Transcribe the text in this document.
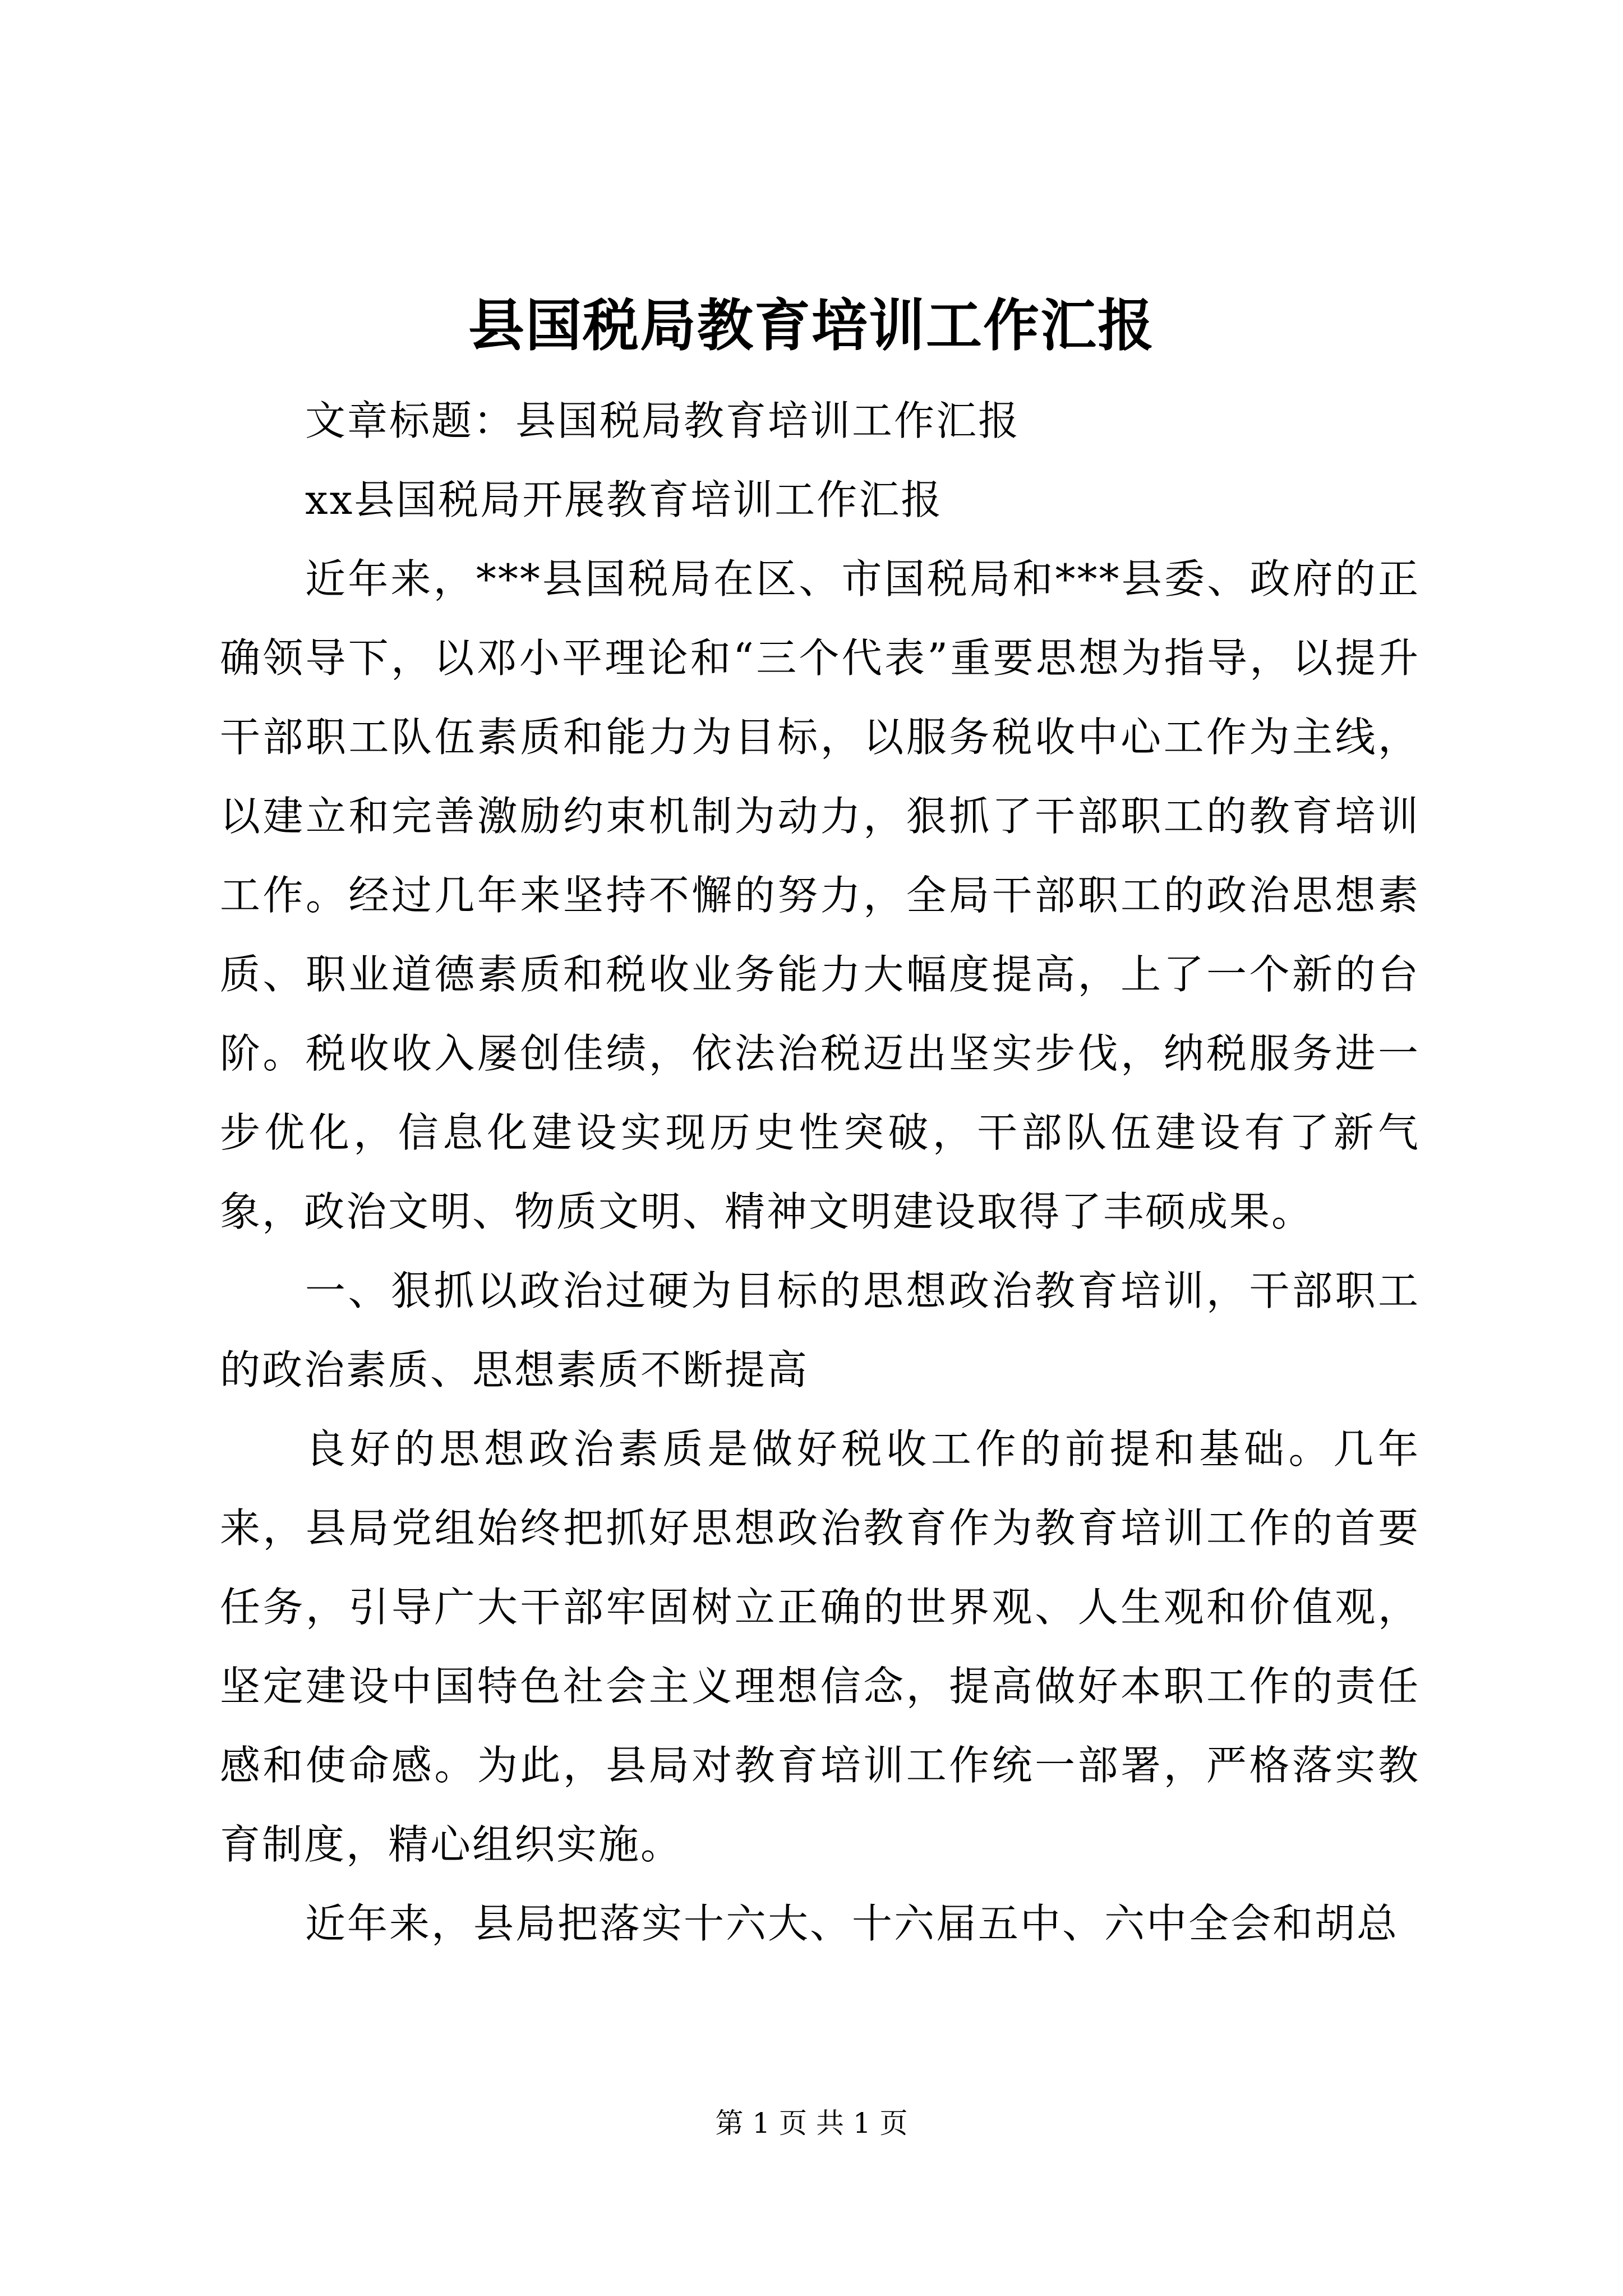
县国税局教育培训工作汇报

文章标题：县国税局教育培训工作汇报

xx县国税局开展教育培训工作汇报

近年来，***县国税局在区、市国税局和***县委、政府的正确领导下，以邓小平理论和“三个代表”重要思想为指导，以提升干部职工队伍素质和能力为目标，以服务税收中心工作为主线，以建立和完善激励约束机制为动力，狠抓了干部职工的教育培训工作。经过几年来坚持不懈的努力，全局干部职工的政治思想素质、职业道德素质和税收业务能力大幅度提高，上了一个新的台阶。税收收入屡创佳绩，依法治税迈出坚实步伐，纳税服务进一步优化，信息化建设实现历史性突破，干部队伍建设有了新气象，政治文明、物质文明、精神文明建设取得了丰硕成果。

一、狠抓以政治过硬为目标的思想政治教育培训，干部职工的政治素质、思想素质不断提高

良好的思想政治素质是做好税收工作的前提和基础。几年来，县局党组始终把抓好思想政治教育作为教育培训工作的首要任务，引导广大干部牢固树立正确的世界观、人生观和价值观，坚定建设中国特色社会主义理想信念，提高做好本职工作的责任感和使命感。为此，县局对教育培训工作统一部署，严格落实教育制度，精心组织实施。

近年来，县局把落实十六大、十六届五中、六中全会和胡总

第 1 页 共 1 页
